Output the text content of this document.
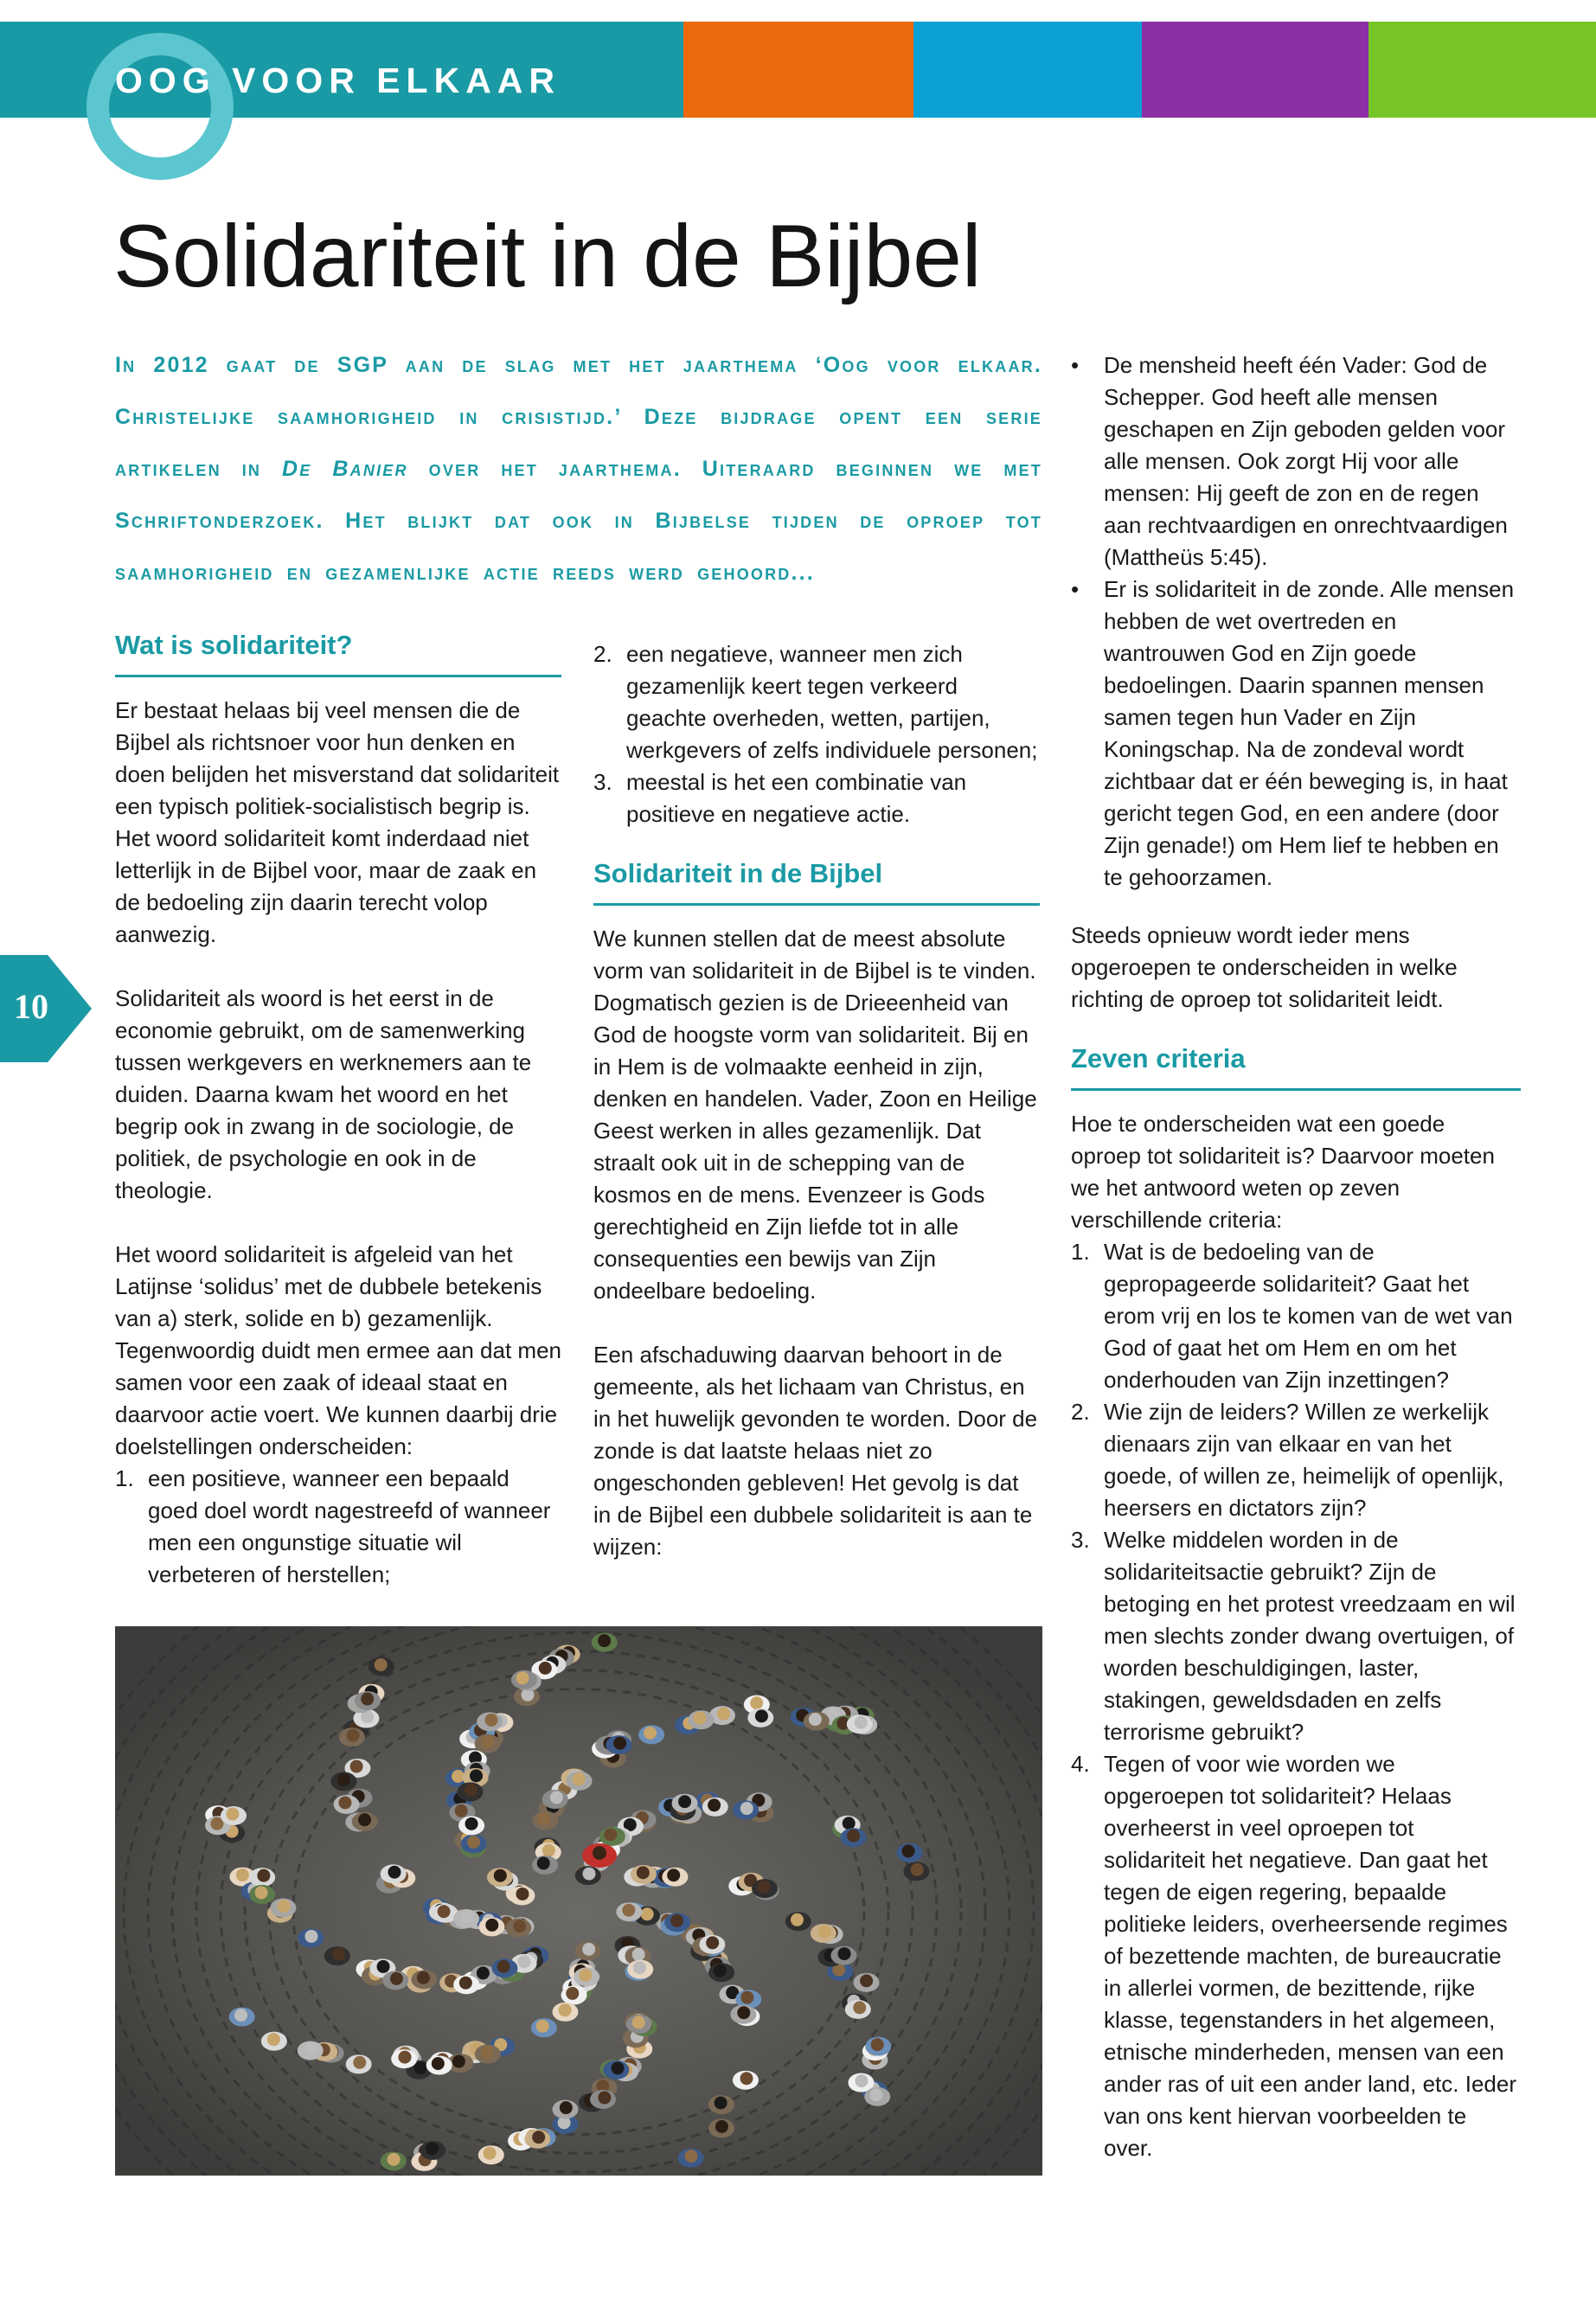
OOG VOOR ELKAAR
Solidariteit in de Bijbel

In 2012 gaat de SGP aan de slag met het jaarthema ‘Oog voor elkaar. Christelijke saamhorigheid in crisistijd.’ Deze bijdrage opent een serie artikelen in De Banier over het jaarthema. Uiteraard beginnen we met Schriftonderzoek. Het blijkt dat ook in Bijbelse tijden de oproep tot saamhorigheid en gezamenlijke actie reeds werd gehoord...

Wat is solidariteit?

Er bestaat helaas bij veel mensen die de Bijbel als richtsnoer voor hun denken en doen belijden het misverstand dat solidariteit een typisch politiek-socialistisch begrip is. Het woord solidariteit komt inderdaad niet letterlijk in de Bijbel voor, maar de zaak en de bedoeling zijn daarin terecht volop aanwezig.

Solidariteit als woord is het eerst in de economie gebruikt, om de samenwerking tussen werkgevers en werknemers aan te duiden. Daarna kwam het woord en het begrip ook in zwang in de sociologie, de politiek, de psychologie en ook in de theologie.

Het woord solidariteit is afgeleid van het Latijnse ‘solidus’ met de dubbele betekenis van a) sterk, solide en b) gezamenlijk. Tegenwoordig duidt men ermee aan dat men samen voor een zaak of ideaal staat en daarvoor actie voert. We kunnen daarbij drie doelstellingen onderscheiden:

1. een positieve, wanneer een bepaald goed doel wordt nagestreefd of wanneer men een ongunstige situatie wil verbeteren of herstellen;
2. een negatieve, wanneer men zich gezamenlijk keert tegen verkeerd geachte overheden, wetten, partijen, werkgevers of zelfs individuele personen;
3. meestal is het een combinatie van positieve en negatieve actie.
Solidariteit in de Bijbel

We kunnen stellen dat de meest absolute vorm van solidariteit in de Bijbel is te vinden. Dogmatisch gezien is de Drieeenheid van God de hoogste vorm van solidariteit. Bij en in Hem is de volmaakte eenheid in zijn, denken en handelen. Vader, Zoon en Heilige Geest werken in alles gezamenlijk. Dat straalt ook uit in de schepping van de kosmos en de mens. Evenzeer is Gods gerechtigheid en Zijn liefde tot in alle consequenties een bewijs van Zijn ondeelbare bedoeling.

Een afschaduwing daarvan behoort in de gemeente, als het lichaam van Christus, en in het huwelijk gevonden te worden. Door de zonde is dat laatste helaas niet zo ongeschonden gebleven! Het gevolg is dat in de Bijbel een dubbele solidariteit is aan te wijzen:

• De mensheid heeft één Vader: God de Schepper. God heeft alle mensen geschapen en Zijn geboden gelden voor alle mensen. Ook zorgt Hij voor alle mensen: Hij geeft de zon en de regen aan rechtvaardigen en onrechtvaardigen (Mattheüs 5:45).
• Er is solidariteit in de zonde. Alle mensen hebben de wet overtreden en wantrouwen God en Zijn goede bedoelingen. Daarin spannen mensen samen tegen hun Vader en Zijn Koningschap. Na de zondeval wordt zichtbaar dat er één beweging is, in haat gericht tegen God, en een andere (door Zijn genade!) om Hem lief te hebben en te gehoorzamen.

Steeds opnieuw wordt ieder mens opgeroepen te onderscheiden in welke richting de oproep tot solidariteit leidt.

Zeven criteria

Hoe te onderscheiden wat een goede oproep tot solidariteit is? Daarvoor moeten we het antwoord weten op zeven verschillende criteria:

1. Wat is de bedoeling van de gepropageerde solidariteit? Gaat het erom vrij en los te komen van de wet van God of gaat het om Hem en om het onderhouden van Zijn inzettingen?
2. Wie zijn de leiders? Willen ze werkelijk dienaars zijn van elkaar en van het goede, of willen ze, heimelijk of openlijk, heersers en dictators zijn?
3. Welke middelen worden in de solidariteitsactie gebruikt? Zijn de betoging en het protest vreedzaam en wil men slechts zonder dwang overtuigen, of worden beschuldigingen, laster, stakingen, geweldsdaden en zelfs terrorisme gebruikt?
4. Tegen of voor wie worden we opgeroepen tot solidariteit? Helaas overheerst in veel oproepen tot solidariteit het negatieve. Dan gaat het tegen de eigen regering, bepaalde politieke leiders, overheersende regimes of bezettende machten, de bureaucratie in allerlei vormen, de bezittende, rijke klasse, tegenstanders in het algemeen, etnische minderheden, mensen van een ander ras of uit een ander land, etc. Ieder van ons kent hiervan voorbeelden te over.
10
